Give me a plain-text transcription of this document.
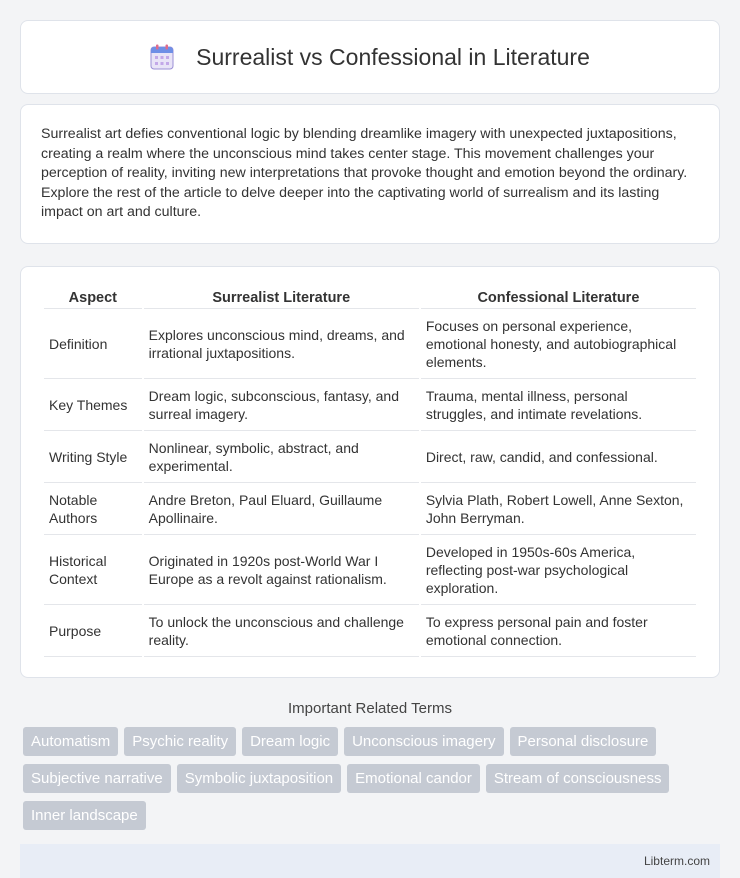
Surrealist vs Confessional in Literature

Surrealist art defies conventional logic by blending dreamlike imagery with unexpected juxtapositions, creating a realm where the unconscious mind takes center stage. This movement challenges your perception of reality, inviting new interpretations that provoke thought and emotion beyond the ordinary. Explore the rest of the article to delve deeper into the captivating world of surrealism and its lasting impact on art and culture.

Aspect	Surrealist Literature	Confessional Literature
Definition	Explores unconscious mind, dreams, and irrational juxtapositions.	Focuses on personal experience, emotional honesty, and autobiographical elements.
Key Themes	Dream logic, subconscious, fantasy, and surreal imagery.	Trauma, mental illness, personal struggles, and intimate revelations.
Writing Style	Nonlinear, symbolic, abstract, and experimental.	Direct, raw, candid, and confessional.
Notable Authors	Andre Breton, Paul Eluard, Guillaume Apollinaire.	Sylvia Plath, Robert Lowell, Anne Sexton, John Berryman.
Historical Context	Originated in 1920s post-World War I Europe as a revolt against rationalism.	Developed in 1950s-60s America, reflecting post-war psychological exploration.
Purpose	To unlock the unconscious and challenge reality.	To express personal pain and foster emotional connection.
Important Related Terms
Automatism	Psychic reality	Dream logic	Unconscious imagery	Personal disclosure
Subjective narrative	Symbolic juxtaposition	Emotional candor	Stream of consciousness
Inner landscape
Libterm.com
